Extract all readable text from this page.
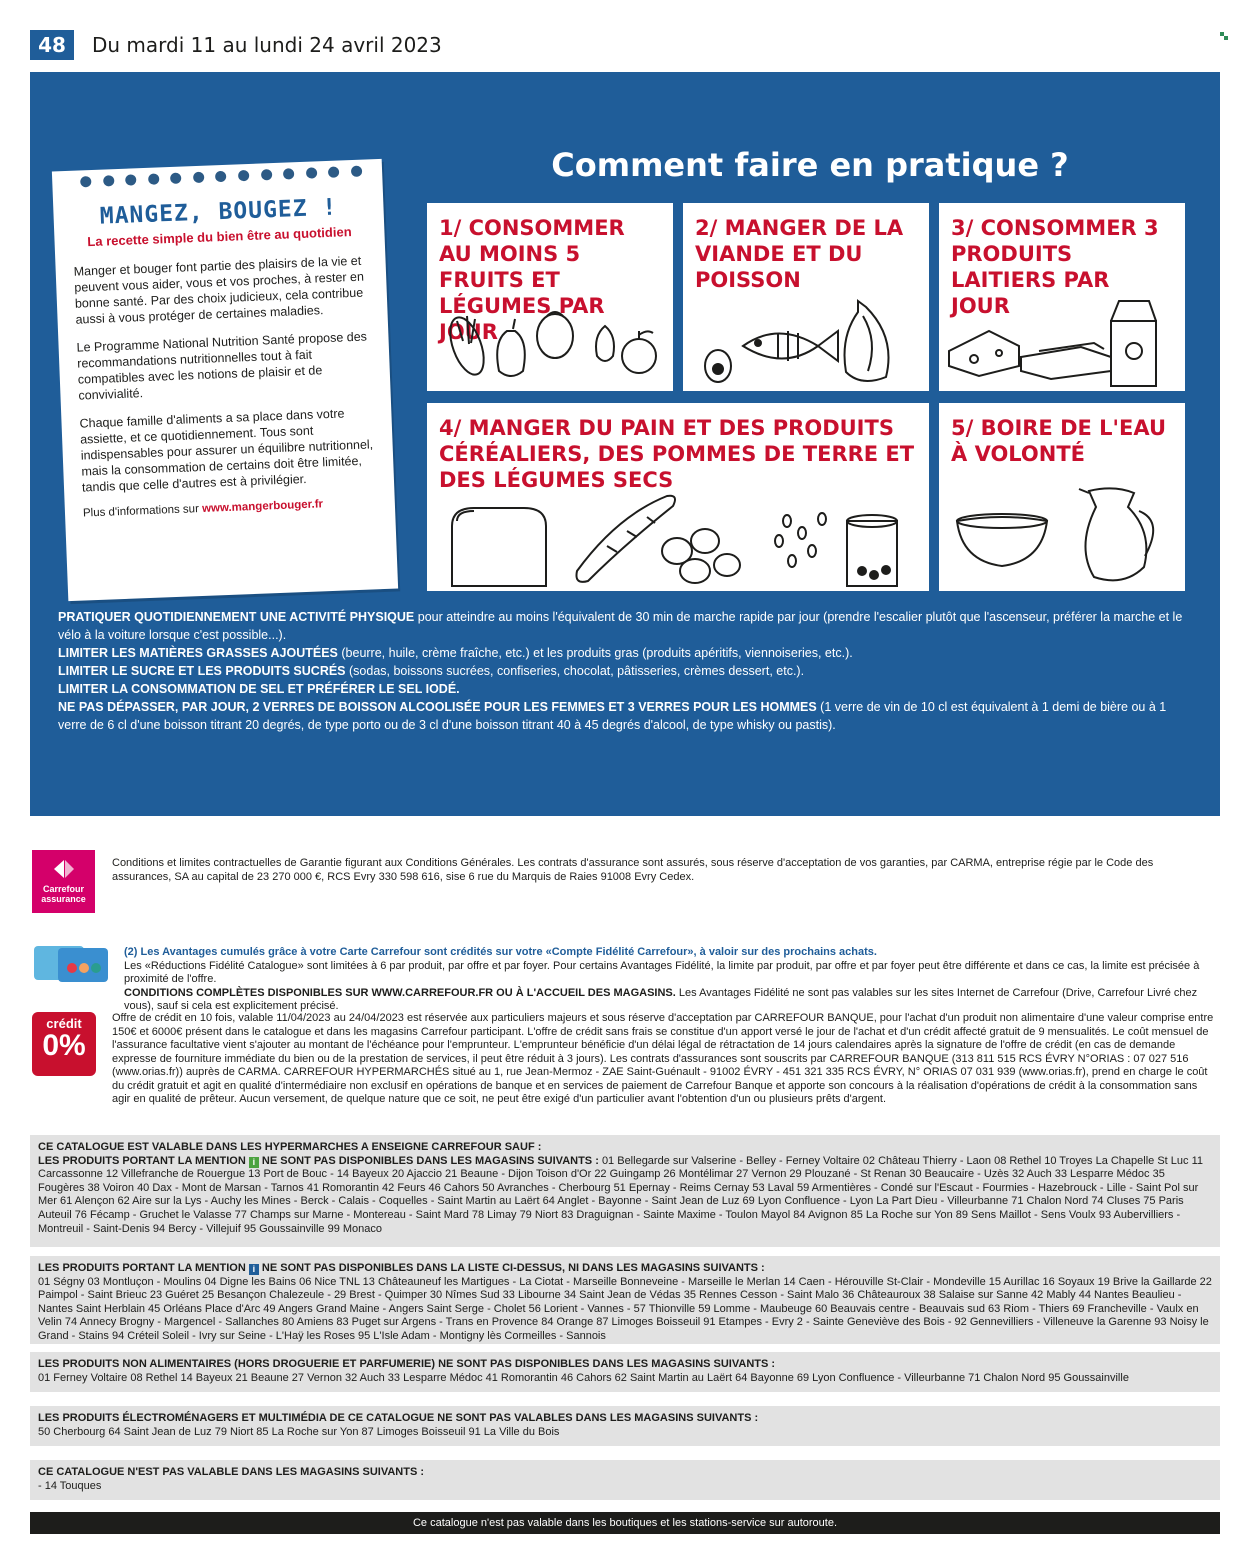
48	Du mardi 11 au lundi 24 avril 2023
Comment faire en pratique ?
MANGEZ, BOUGEZ !
La recette simple du bien être au quotidien

Manger et bouger font partie des plaisirs de la vie et peuvent vous aider, vous et vos proches, à rester en bonne santé. Par des choix judicieux, cela contribue aussi à vous protéger de certaines maladies.

Le Programme National Nutrition Santé propose des recommandations nutritionnelles tout à fait compatibles avec les notions de plaisir et de convivialité.

Chaque famille d'aliments a sa place dans votre assiette, et ce quotidiennement. Tous sont indispensables pour assurer un équilibre nutritionnel, mais la consommation de certains doit être limitée, tandis que celle d'autres est à privilégier.

Plus d'informations sur www.mangerbouger.fr

1/ CONSOMMER AU MOINS 5 FRUITS ET LÉGUMES PAR JOUR
2/ MANGER DE LA VIANDE ET DU POISSON
3/ CONSOMMER 3 PRODUITS LAITIERS PAR JOUR
4/ MANGER DU PAIN ET DES PRODUITS CÉRÉALIERS, DES POMMES DE TERRE ET DES LÉGUMES SECS
5/ BOIRE DE L'EAU À VOLONTÉ
PRATIQUER QUOTIDIENNEMENT UNE ACTIVITÉ PHYSIQUE pour atteindre au moins l'équivalent de 30 min de marche rapide par jour (prendre l'escalier plutôt que l'ascenseur, préférer la marche et le vélo à la voiture lorsque c'est possible...).
LIMITER LES MATIÈRES GRASSES AJOUTÉES (beurre, huile, crème fraîche, etc.) et les produits gras (produits apéritifs, viennoiseries, etc.).
LIMITER LE SUCRE ET LES PRODUITS SUCRÉS (sodas, boissons sucrées, confiseries, chocolat, pâtisseries, crèmes dessert, etc.).
LIMITER LA CONSOMMATION DE SEL ET PRÉFÉRER LE SEL IODÉ.
NE PAS DÉPASSER, PAR JOUR, 2 VERRES DE BOISSON ALCOOLISÉE POUR LES FEMMES ET 3 VERRES POUR LES HOMMES (1 verre de vin de 10 cl est équivalent à 1 demi de bière ou à 1 verre de 6 cl d'une boisson titrant 20 degrés, de type porto ou de 3 cl d'une boisson titrant 40 à 45 degrés d'alcool, de type whisky ou pastis).
Carrefour assurance
Conditions et limites contractuelles de Garantie figurant aux Conditions Générales. Les contrats d'assurance sont assurés, sous réserve d'acceptation de vos garanties, par CARMA, entreprise régie par le Code des assurances, SA au capital de 23 270 000 €, RCS Evry 330 598 616, sise 6 rue du Marquis de Raies 91008 Evry Cedex.
(2) Les Avantages cumulés grâce à votre Carte Carrefour sont crédités sur votre «Compte Fidélité Carrefour», à valoir sur des prochains achats.
Les «Réductions Fidélité Catalogue» sont limitées à 6 par produit, par offre et par foyer. Pour certains Avantages Fidélité, la limite par produit, par offre et par foyer peut être différente et dans ce cas, la limite est précisée à proximité de l'offre.
CONDITIONS COMPLÈTES DISPONIBLES SUR WWW.CARREFOUR.FR OU À L'ACCUEIL DES MAGASINS. Les Avantages Fidélité ne sont pas valables sur les sites Internet de Carrefour (Drive, Carrefour Livré chez vous), sauf si cela est explicitement précisé.
crédit
0%
Offre de crédit en 10 fois, valable 11/04/2023 au 24/04/2023 est réservée aux particuliers majeurs et sous réserve d'acceptation par CARREFOUR BANQUE, pour l'achat d'un produit non alimentaire d'une valeur comprise entre 150€ et 6000€ présent dans le catalogue et dans les magasins Carrefour participant. L'offre de crédit sans frais se constitue d'un apport versé le jour de l'achat et d'un crédit affecté gratuit de 9 mensualités. Le coût mensuel de l'assurance facultative vient s'ajouter au montant de l'échéance pour l'emprunteur. L'emprunteur bénéficie d'un délai légal de rétractation de 14 jours calendaires après la signature de l'offre de crédit (en cas de demande expresse de fourniture immédiate du bien ou de la prestation de services, il peut être réduit à 3 jours). Les contrats d'assurances sont souscrits par CARREFOUR BANQUE (313 811 515 RCS ÉVRY N°ORIAS : 07 027 516 (www.orias.fr)) auprès de CARMA. CARREFOUR HYPERMARCHÉS situé au 1, rue Jean-Mermoz - ZAE Saint-Guénault - 91002 ÉVRY - 451 321 335 RCS ÉVRY, N° ORIAS 07 031 939 (www.orias.fr), prend en charge le coût du crédit gratuit et agit en qualité d'intermédiaire non exclusif en opérations de banque et en services de paiement de Carrefour Banque et apporte son concours à la réalisation d'opérations de crédit à la consommation sans agir en qualité de prêteur. Aucun versement, de quelque nature que ce soit, ne peut être exigé d'un particulier avant l'obtention d'un ou plusieurs prêts d'argent.
CE CATALOGUE EST VALABLE DANS LES HYPERMARCHES A ENSEIGNE CARREFOUR SAUF :
LES PRODUITS PORTANT LA MENTION i NE SONT PAS DISPONIBLES DANS LES MAGASINS SUIVANTS : 01 Bellegarde sur Valserine - Belley - Ferney Voltaire 02 Château Thierry - Laon 08 Rethel 10 Troyes La Chapelle St Luc 11 Carcassonne 12 Villefranche de Rouergue 13 Port de Bouc - 14 Bayeux 20 Ajaccio 21 Beaune - Dijon Toison d'Or 22 Guingamp 26 Montélimar 27 Vernon 29 Plouzané - St Renan 30 Beaucaire - Uzès 32 Auch 33 Lesparre Médoc 35 Fougères 38 Voiron 40 Dax - Mont de Marsan - Tarnos 41 Romorantin 42 Feurs 46 Cahors 50 Avranches - Cherbourg 51 Epernay - Reims Cernay 53 Laval 59 Armentières - Condé sur l'Escaut - Fourmies - Hazebrouck - Lille - Saint Pol sur Mer 61 Alençon 62 Aire sur la Lys - Auchy les Mines - Berck - Calais - Coquelles - Saint Martin au Laërt 64 Anglet - Bayonne - Saint Jean de Luz 69 Lyon Confluence - Lyon La Part Dieu - Villeurbanne 71 Chalon Nord 74 Cluses 75 Paris Auteuil 76 Fécamp - Gruchet le Valasse 77 Champs sur Marne - Montereau - Saint Mard 78 Limay 79 Niort 83 Draguignan - Sainte Maxime - Toulon Mayol 84 Avignon 85 La Roche sur Yon 89 Sens Maillot - Sens Voulx 93 Aubervilliers - Montreuil - Saint-Denis 94 Bercy - Villejuif 95 Goussainville 99 Monaco
LES PRODUITS PORTANT LA MENTION i NE SONT PAS DISPONIBLES DANS LA LISTE CI-DESSUS, NI DANS LES MAGASINS SUIVANTS :
01 Ségny 03 Montluçon - Moulins 04 Digne les Bains 06 Nice TNL 13 Châteauneuf les Martigues - La Ciotat - Marseille Bonneveine - Marseille le Merlan 14 Caen - Hérouville St-Clair - Mondeville 15 Aurillac 16 Soyaux 19 Brive la Gaillarde 22 Paimpol - Saint Brieuc 23 Guéret 25 Besançon Chalezeule - 29 Brest - Quimper 30 Nîmes Sud 33 Libourne 34 Saint Jean de Védas 35 Rennes Cesson - Saint Malo 36 Châteauroux 38 Salaise sur Sanne 42 Mably 44 Nantes Beaulieu - Nantes Saint Herblain 45 Orléans Place d'Arc 49 Angers Grand Maine - Angers Saint Serge - Cholet 56 Lorient - Vannes - 57 Thionville 59 Lomme - Maubeuge 60 Beauvais centre - Beauvais sud 63 Riom - Thiers 69 Francheville - Vaulx en Velin 74 Annecy Brogny - Margencel - Sallanches 80 Amiens 83 Puget sur Argens - Trans en Provence 84 Orange 87 Limoges Boisseuil 91 Etampes - Evry 2 - Sainte Geneviève des Bois - 92 Gennevilliers - Villeneuve la Garenne 93 Noisy le Grand - Stains 94 Créteil Soleil - Ivry sur Seine - L'Haÿ les Roses 95 L'Isle Adam - Montigny lès Cormeilles - Sannois
LES PRODUITS NON ALIMENTAIRES (HORS DROGUERIE ET PARFUMERIE) NE SONT PAS DISPONIBLES DANS LES MAGASINS SUIVANTS :
01 Ferney Voltaire 08 Rethel 14 Bayeux 21 Beaune 27 Vernon 32 Auch 33 Lesparre Médoc 41 Romorantin 46 Cahors 62 Saint Martin au Laërt 64 Bayonne 69 Lyon Confluence - Villeurbanne 71 Chalon Nord 95 Goussainville
LES PRODUITS ÉLECTROMÉNAGERS ET MULTIMÉDIA DE CE CATALOGUE NE SONT PAS VALABLES DANS LES MAGASINS SUIVANTS :
50 Cherbourg 64 Saint Jean de Luz 79 Niort 85 La Roche sur Yon 87 Limoges Boisseuil 91 La Ville du Bois
CE CATALOGUE N'EST PAS VALABLE DANS LES MAGASINS SUIVANTS :
- 14 Touques
Ce catalogue n'est pas valable dans les boutiques et les stations-service sur autoroute.
